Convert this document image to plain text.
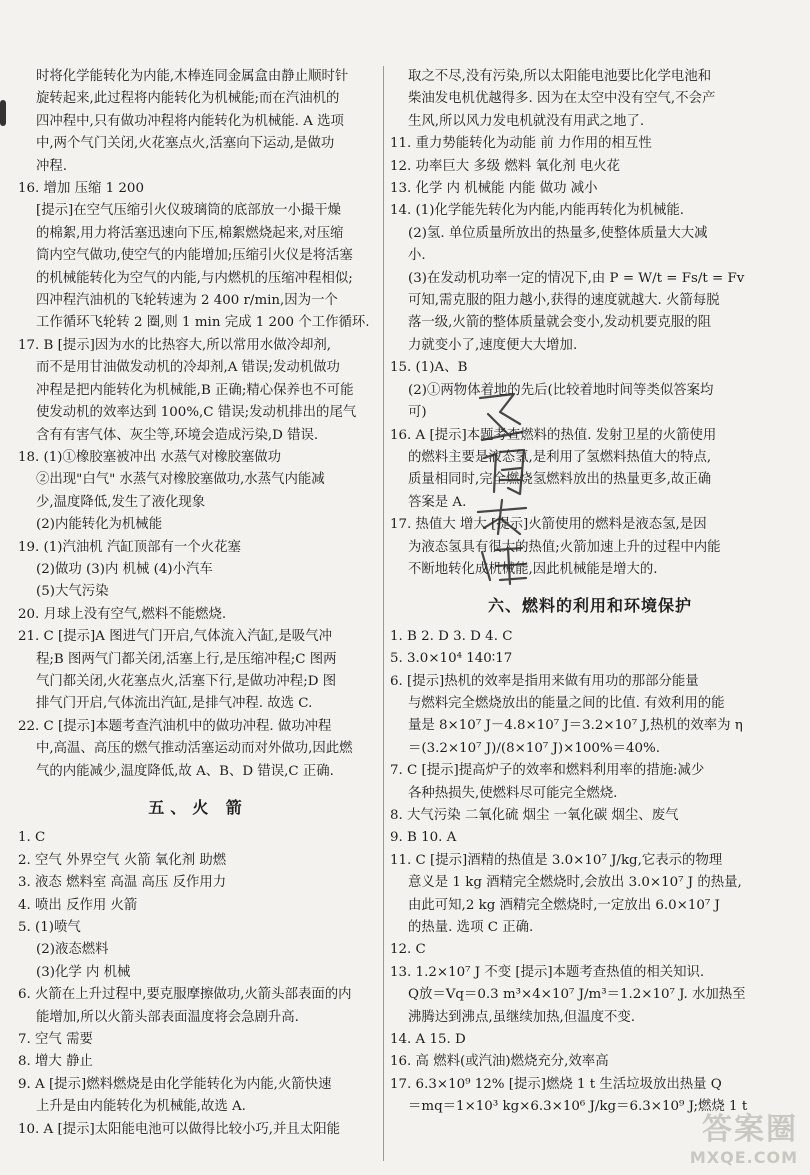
时将化学能转化为内能,木棒连同金属盒由静止顺时针
旋转起来,此过程将内能转化为机械能;而在汽油机的
四冲程中,只有做功冲程将内能转化为机械能. A 选项
中,两个气门关闭,火花塞点火,活塞向下运动,是做功
冲程.
16. 增加 压缩 1 200
[提示]在空气压缩引火仪玻璃筒的底部放一小撮干燥
的棉絮,用力将活塞迅速向下压,棉絮燃烧起来,对压缩
筒内空气做功,使空气的内能增加;压缩引火仪是将活塞
的机械能转化为空气的内能,与内燃机的压缩冲程相似;
四冲程汽油机的飞轮转速为 2 400 r/min,因为一个
工作循环飞轮转 2 圈,则 1 min 完成 1 200 个工作循环.
17. B [提示]因为水的比热容大,所以常用水做冷却剂,
而不是用甘油做发动机的冷却剂,A 错误;发动机做功
冲程是把内能转化为机械能,B 正确;精心保养也不可能
使发动机的效率达到 100%,C 错误;发动机排出的尾气
含有有害气体、灰尘等,环境会造成污染,D 错误.
18. (1)①橡胶塞被冲出 水蒸气对橡胶塞做功
②出现"白气" 水蒸气对橡胶塞做功,水蒸气内能减
少,温度降低,发生了液化现象
(2)内能转化为机械能
19. (1)汽油机 汽缸顶部有一个火花塞
(2)做功 (3)内 机械 (4)小汽车
(5)大气污染
20. 月球上没有空气,燃料不能燃烧.
21. C [提示]A 图进气门开启,气体流入汽缸,是吸气冲
程;B 图两气门都关闭,活塞上行,是压缩冲程;C 图两
气门都关闭,火花塞点火,活塞下行,是做功冲程;D 图
排气门开启,气体流出汽缸,是排气冲程. 故选 C.
22. C [提示]本题考查汽油机中的做功冲程. 做功冲程
中,高温、高压的燃气推动活塞运动而对外做功,因此燃
气的内能减少,温度降低,故 A、B、D 错误,C 正确.
五、火 箭
1. C
2. 空气 外界空气 火箭 氧化剂 助燃
3. 液态 燃料室 高温 高压 反作用力
4. 喷出 反作用 火箭
5. (1)喷气
(2)液态燃料
(3)化学 内 机械
6. 火箭在上升过程中,要克服摩擦做功,火箭头部表面的内
能增加,所以火箭头部表面温度将会急剧升高.
7. 空气 需要
8. 增大 静止
9. A [提示]燃料燃烧是由化学能转化为内能,火箭快速
上升是由内能转化为机械能,故选 A.
10. A [提示]太阳能电池可以做得比较小巧,并且太阳能
取之不尽,没有污染,所以太阳能电池要比化学电池和
柴油发电机优越得多. 因为在太空中没有空气,不会产
生风,所以风力发电机就没有用武之地了.
11. 重力势能转化为动能 前 力作用的相互性
12. 功率巨大 多级 燃料 氧化剂 电火花
13. 化学 内 机械能 内能 做功 减小
14. (1)化学能先转化为内能,内能再转化为机械能.
(2)氢. 单位质量所放出的热量多,使整体质量大大减
小.
(3)在发动机功率一定的情况下,由 P = W/t = Fs/t = Fv
可知,需克服的阻力越小,获得的速度就越大. 火箭每脱
落一级,火箭的整体质量就会变小,发动机要克服的阻
力就变小了,速度便大大增加.
15. (1)A、B
(2)①两物体着地的先后(比较着地时间等类似答案均
可)
16. A [提示]本题考查燃料的热值. 发射卫星的火箭使用
的燃料主要是液态氢,是利用了氢燃料热值大的特点,
质量相同时,完全燃烧氢燃料放出的热量更多,故正确
答案是 A.
17. 热值大 增大 [提示]火箭使用的燃料是液态氢,是因
为液态氢具有很大的热值;火箭加速上升的过程中内能
不断地转化成机械能,因此机械能是增大的.
六、燃料的利用和环境保护
1. B 2. D 3. D 4. C
5. 3.0×10⁴ 140∶17
6. [提示]热机的效率是指用来做有用功的那部分能量
与燃料完全燃烧放出的能量之间的比值. 有效利用的能
量是 8×10⁷ J－4.8×10⁷ J＝3.2×10⁷ J,热机的效率为 η
＝(3.2×10⁷ J)/(8×10⁷ J)×100%＝40%.
7. C [提示]提高炉子的效率和燃料利用率的措施:减少
各种热损失,使燃料尽可能完全燃烧.
8. 大气污染 二氧化硫 烟尘 一氧化碳 烟尘、废气
9. B 10. A
11. C [提示]酒精的热值是 3.0×10⁷ J/kg,它表示的物理
意义是 1 kg 酒精完全燃烧时,会放出 3.0×10⁷ J 的热量,
由此可知,2 kg 酒精完全燃烧时,一定放出 6.0×10⁷ J
的热量. 选项 C 正确.
12. C
13. 1.2×10⁷ J 不变 [提示]本题考查热值的相关知识.
Q放＝Vq＝0.3 m³×4×10⁷ J/m³＝1.2×10⁷ J. 水加热至
沸腾达到沸点,虽继续加热,但温度不变.
14. A 15. D
16. 高 燃料(或汽油)燃烧充分,效率高
17. 6.3×10⁹ 12% [提示]燃烧 1 t 生活垃圾放出热量 Q
＝mq＝1×10³ kg×6.3×10⁶ J/kg＝6.3×10⁹ J;燃烧 1 t
答案圈
MXQE.COM
